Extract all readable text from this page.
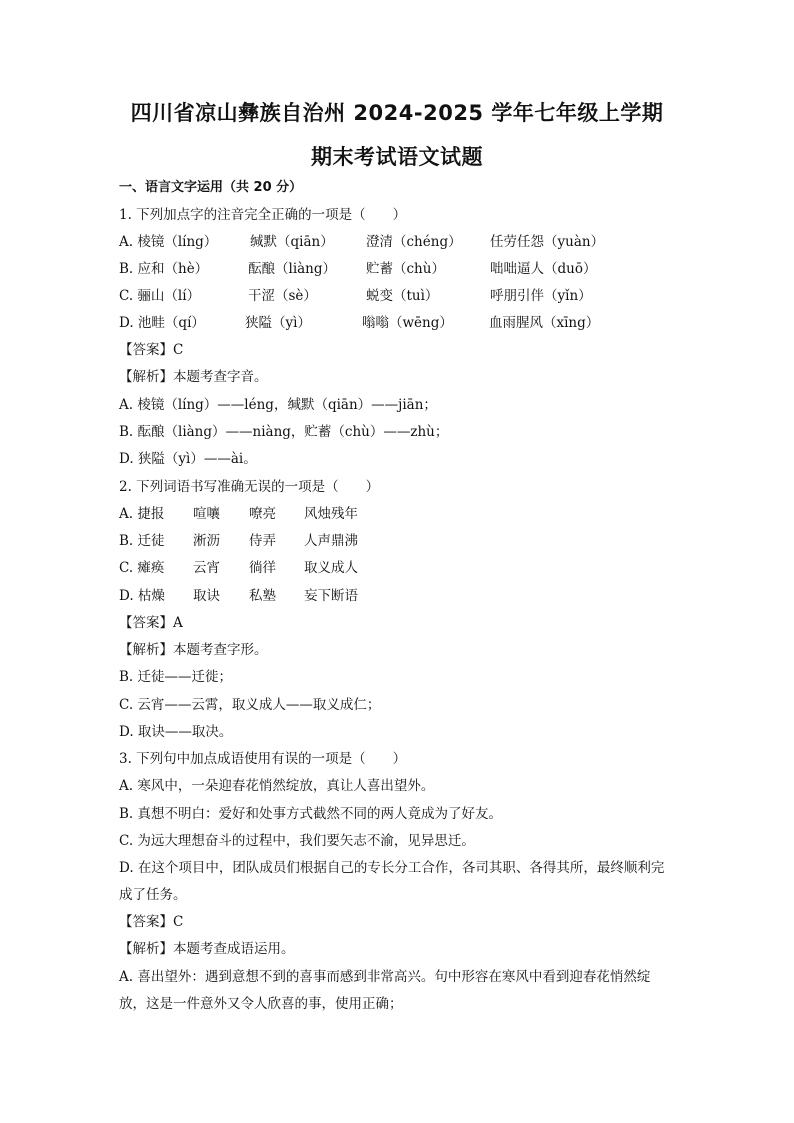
四川省凉山彝族自治州 2024-2025 学年七年级上学期
期末考试语文试题
一、语言文字运用（共 20 分）
1. 下列加点字的注音完全正确的一项是（　　）
A. 棱镜（líng） 缄默（qiān） 澄清（chéng） 任劳任怨（yuàn）
B. 应和（hè）	酝酿（liàng） 贮蓄（chù）	咄咄逼人（duō）
C. 骊山（lí）	干涩（sè）	蜕变（tuì）	呼朋引伴（yǐn）
D. 池畦（qí）	狭隘（yì）	嗡嗡（wēng）	血雨腥风（xīng）
【答案】C
【解析】本题考查字音。
A. 棱镜（líng）——léng，缄默（qiān）——jiān；
B. 酝酿（liàng）——niàng，贮蓄（chù）——zhù；
D. 狭隘（yì）——ài。
2. 下列词语书写准确无误的一项是（　　）
A. 捷报 喧嚷 嘹亮 风烛残年
B. 迁徒 淅沥 侍弄 人声鼎沸
C. 瘫痪 云宵 徜徉 取义成人
D. 枯燥 取诀 私塾 妄下断语
【答案】A
【解析】本题考查字形。
B. 迁徒——迁徙；
C. 云宵——云霄，取义成人——取义成仁；
D. 取诀——取决。
3. 下列句中加点成语使用有误的一项是（　　）
A. 寒风中，一朵迎春花悄然绽放，真让人喜出望外。
B. 真想不明白：爱好和处事方式截然不同的两人竟成为了好友。
C. 为远大理想奋斗的过程中，我们要矢志不渝，见异思迁。
D. 在这个项目中，团队成员们根据自己的专长分工合作，各司其职、各得其所，最终顺利完成了任务。
【答案】C
【解析】本题考查成语运用。
A. 喜出望外：遇到意想不到的喜事而感到非常高兴。句中形容在寒风中看到迎春花悄然绽放，这是一件意外又令人欣喜的事，使用正确；
